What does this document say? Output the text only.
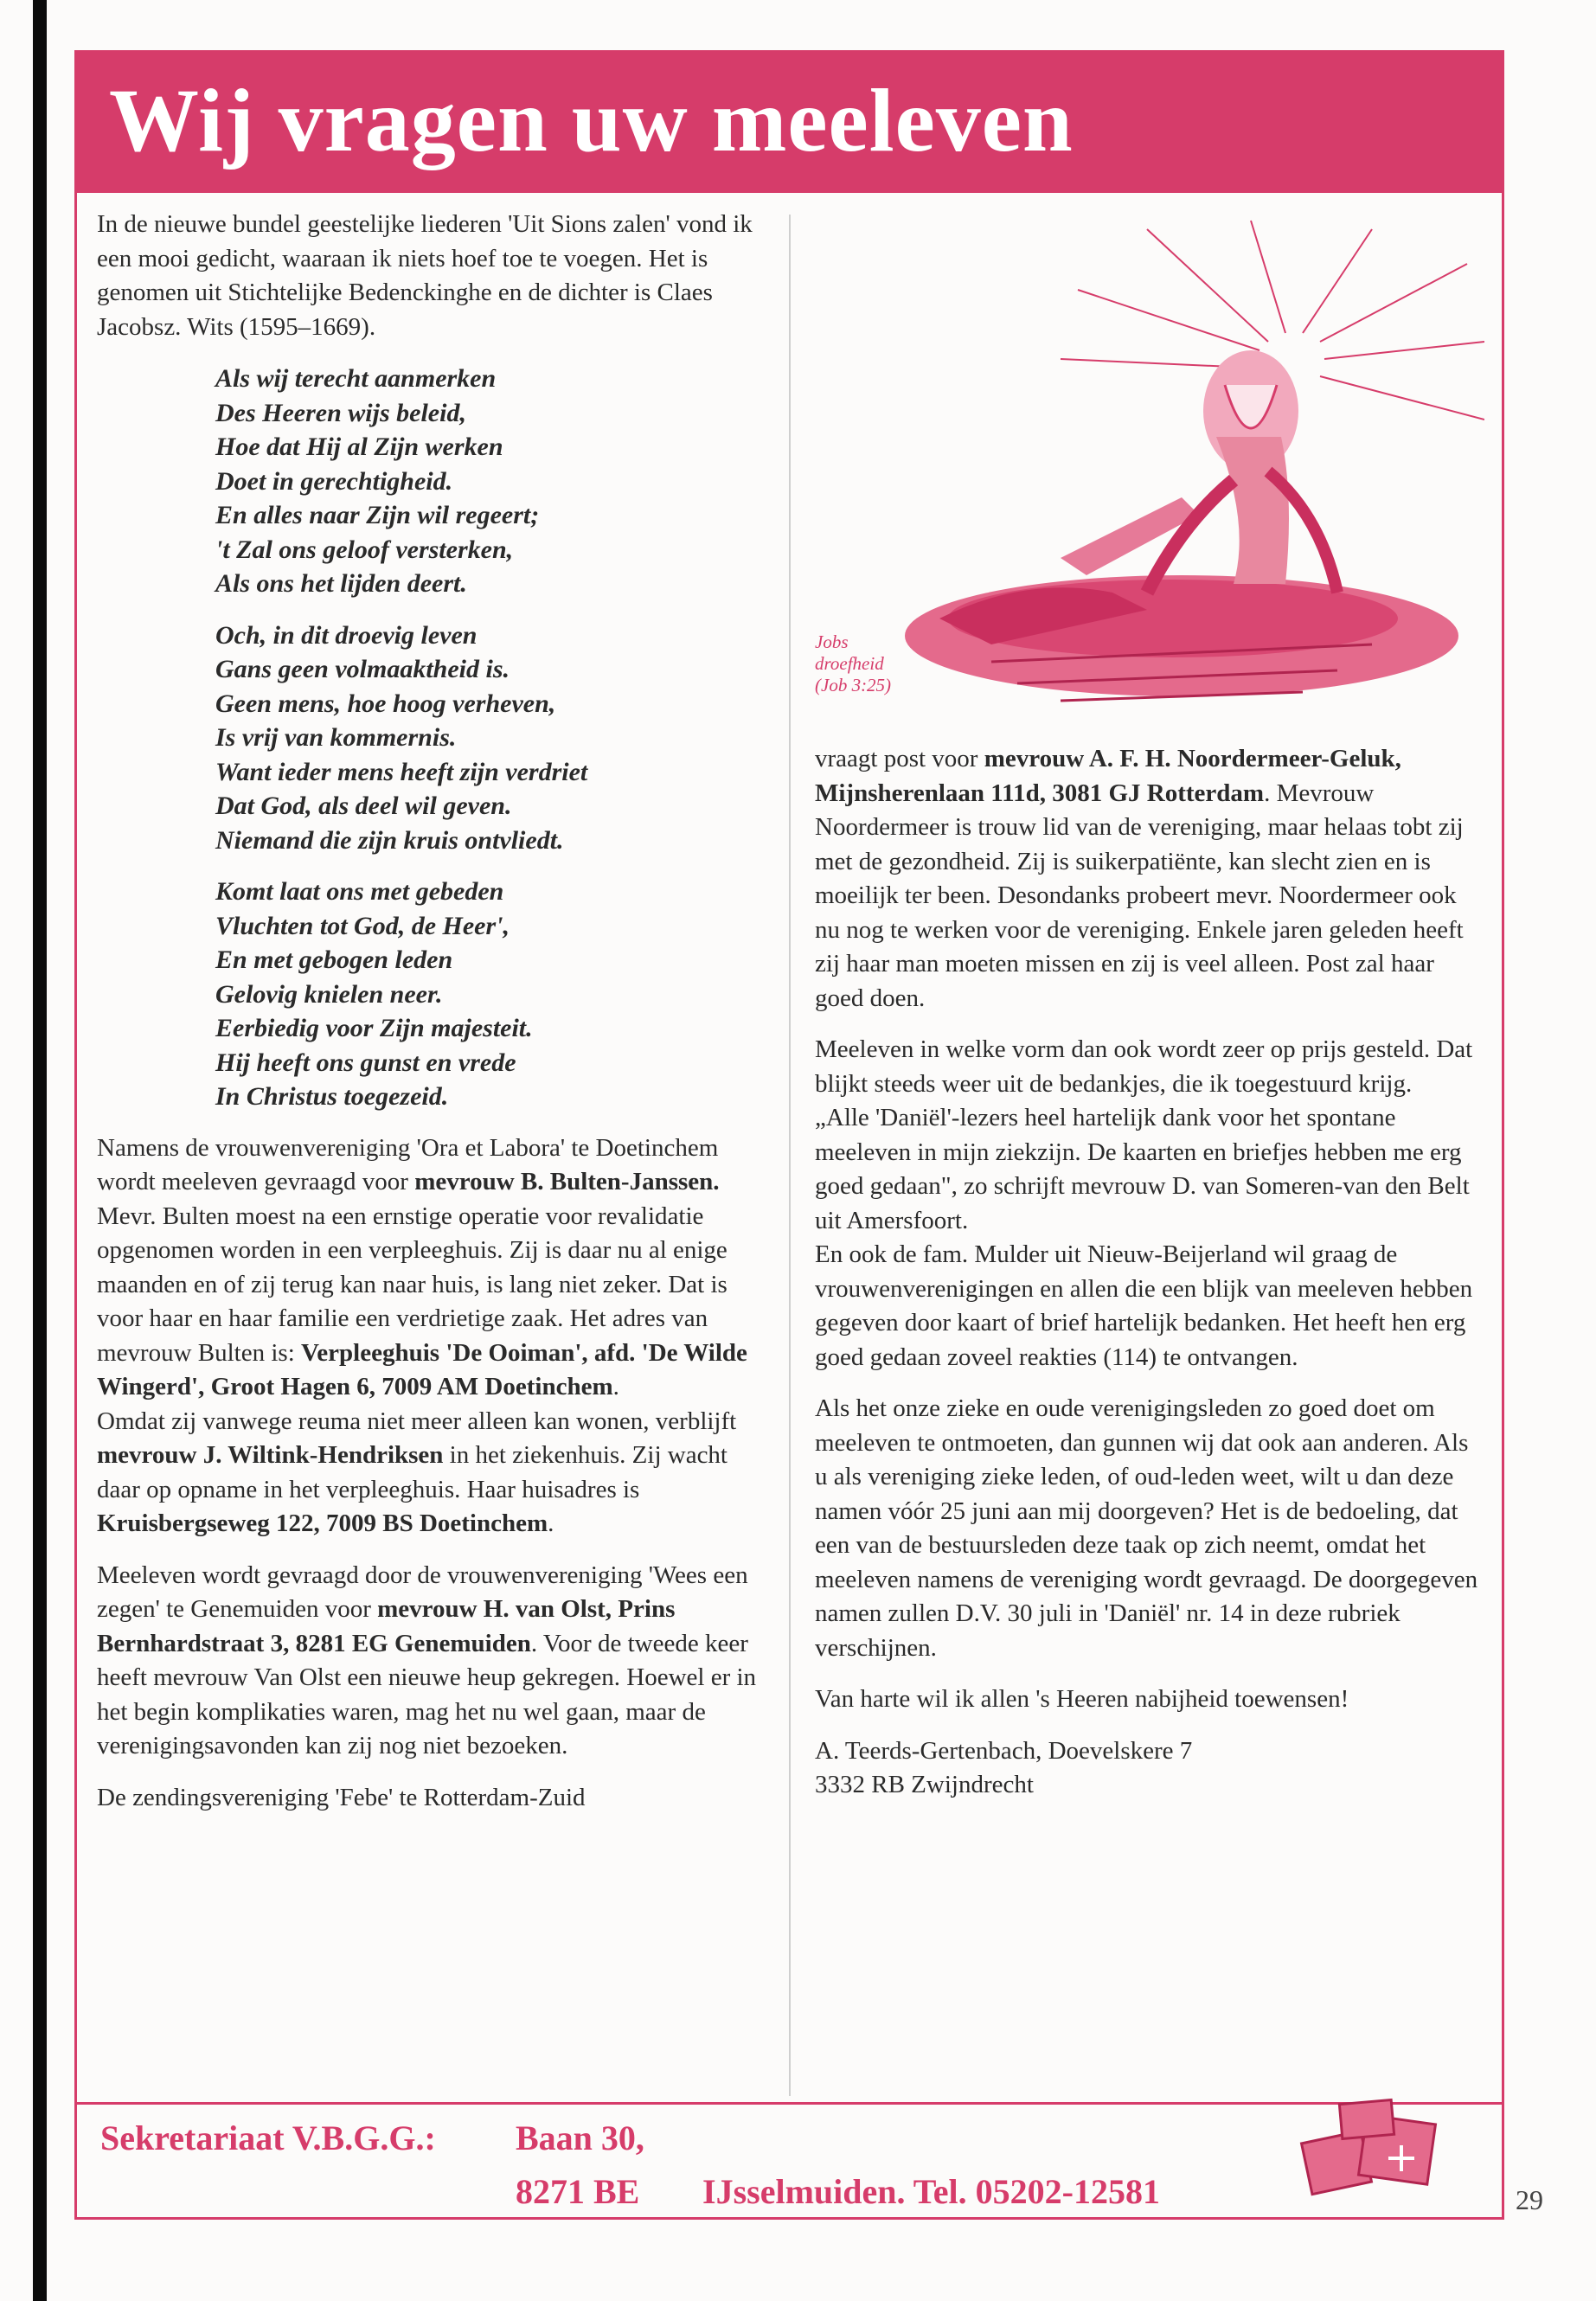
Wij vragen uw meeleven

In de nieuwe bundel geestelijke liederen 'Uit Sions zalen' vond ik een mooi gedicht, waaraan ik niets hoef toe te voegen. Het is genomen uit Stichtelijke Bedenckinghe en de dichter is Claes Jacobsz. Wits (1595–1669).

Als wij terecht aanmerken
Des Heeren wijs beleid,
Hoe dat Hij al Zijn werken
Doet in gerechtigheid.
En alles naar Zijn wil regeert;
't Zal ons geloof versterken,
Als ons het lijden deert.
Och, in dit droevig leven
Gans geen volmaaktheid is.
Geen mens, hoe hoog verheven,
Is vrij van kommernis.
Want ieder mens heeft zijn verdriet
Dat God, als deel wil geven.
Niemand die zijn kruis ontvliedt.
Komt laat ons met gebeden
Vluchten tot God, de Heer',
En met gebogen leden
Gelovig knielen neer.
Eerbiedig voor Zijn majesteit.
Hij heeft ons gunst en vrede
In Christus toegezeid.

Namens de vrouwenvereniging 'Ora et Labora' te Doetinchem wordt meeleven gevraagd voor mevrouw B. Bulten-Janssen. Mevr. Bulten moest na een ernstige operatie voor revalidatie opgenomen worden in een verpleeghuis. Zij is daar nu al enige maanden en of zij terug kan naar huis, is lang niet zeker. Dat is voor haar en haar familie een verdrietige zaak. Het adres van mevrouw Bulten is: Verpleeghuis 'De Ooiman', afd. 'De Wilde Wingerd', Groot Hagen 6, 7009 AM Doetinchem.

Omdat zij vanwege reuma niet meer alleen kan wonen, verblijft mevrouw J. Wiltink-Hendriksen in het ziekenhuis. Zij wacht daar op opname in het verpleeghuis. Haar huisadres is Kruisbergseweg 122, 7009 BS Doetinchem.

Meeleven wordt gevraagd door de vrouwenvereniging 'Wees een zegen' te Genemuiden voor mevrouw H. van Olst, Prins Bernhardstraat 3, 8281 EG Genemuiden. Voor de tweede keer heeft mevrouw Van Olst een nieuwe heup gekregen. Hoewel er in het begin komplikaties waren, mag het nu wel gaan, maar de verenigingsavonden kan zij nog niet bezoeken.

De zendingsvereniging 'Febe' te Rotterdam-Zuid

Jobs droefheid (Job 3:25)

vraagt post voor mevrouw A. F. H. Noordermeer-Geluk, Mijnsherenlaan 111d, 3081 GJ Rotterdam. Mevrouw Noordermeer is trouw lid van de vereniging, maar helaas tobt zij met de gezondheid. Zij is suikerpatiënte, kan slecht zien en is moeilijk ter been. Desondanks probeert mevr. Noordermeer ook nu nog te werken voor de vereniging. Enkele jaren geleden heeft zij haar man moeten missen en zij is veel alleen. Post zal haar goed doen.

Meeleven in welke vorm dan ook wordt zeer op prijs gesteld. Dat blijkt steeds weer uit de bedankjes, die ik toegestuurd krijg.

„Alle 'Daniël'-lezers heel hartelijk dank voor het spontane meeleven in mijn ziekzijn. De kaarten en briefjes hebben me erg goed gedaan", zo schrijft mevrouw D. van Someren-van den Belt uit Amersfoort.

En ook de fam. Mulder uit Nieuw-Beijerland wil graag de vrouwenverenigingen en allen die een blijk van meeleven hebben gegeven door kaart of brief hartelijk bedanken. Het heeft hen erg goed gedaan zoveel reakties (114) te ontvangen.

Als het onze zieke en oude verenigingsleden zo goed doet om meeleven te ontmoeten, dan gunnen wij dat ook aan anderen. Als u als vereniging zieke leden, of oud-leden weet, wilt u dan deze namen vóór 25 juni aan mij doorgeven? Het is de bedoeling, dat een van de bestuursleden deze taak op zich neemt, omdat het meeleven namens de vereniging wordt gevraagd. De doorgegeven namen zullen D.V. 30 juli in 'Daniël' nr. 14 in deze rubriek verschijnen.

Van harte wil ik allen 's Heeren nabijheid toewensen!

A. Teerds-Gertenbach, Doevelskere 7
3332 RB Zwijndrecht
Sekretariaat V.B.G.G.: Baan 30,
8271 BE IJsselmuiden. Tel. 05202-12581	29
